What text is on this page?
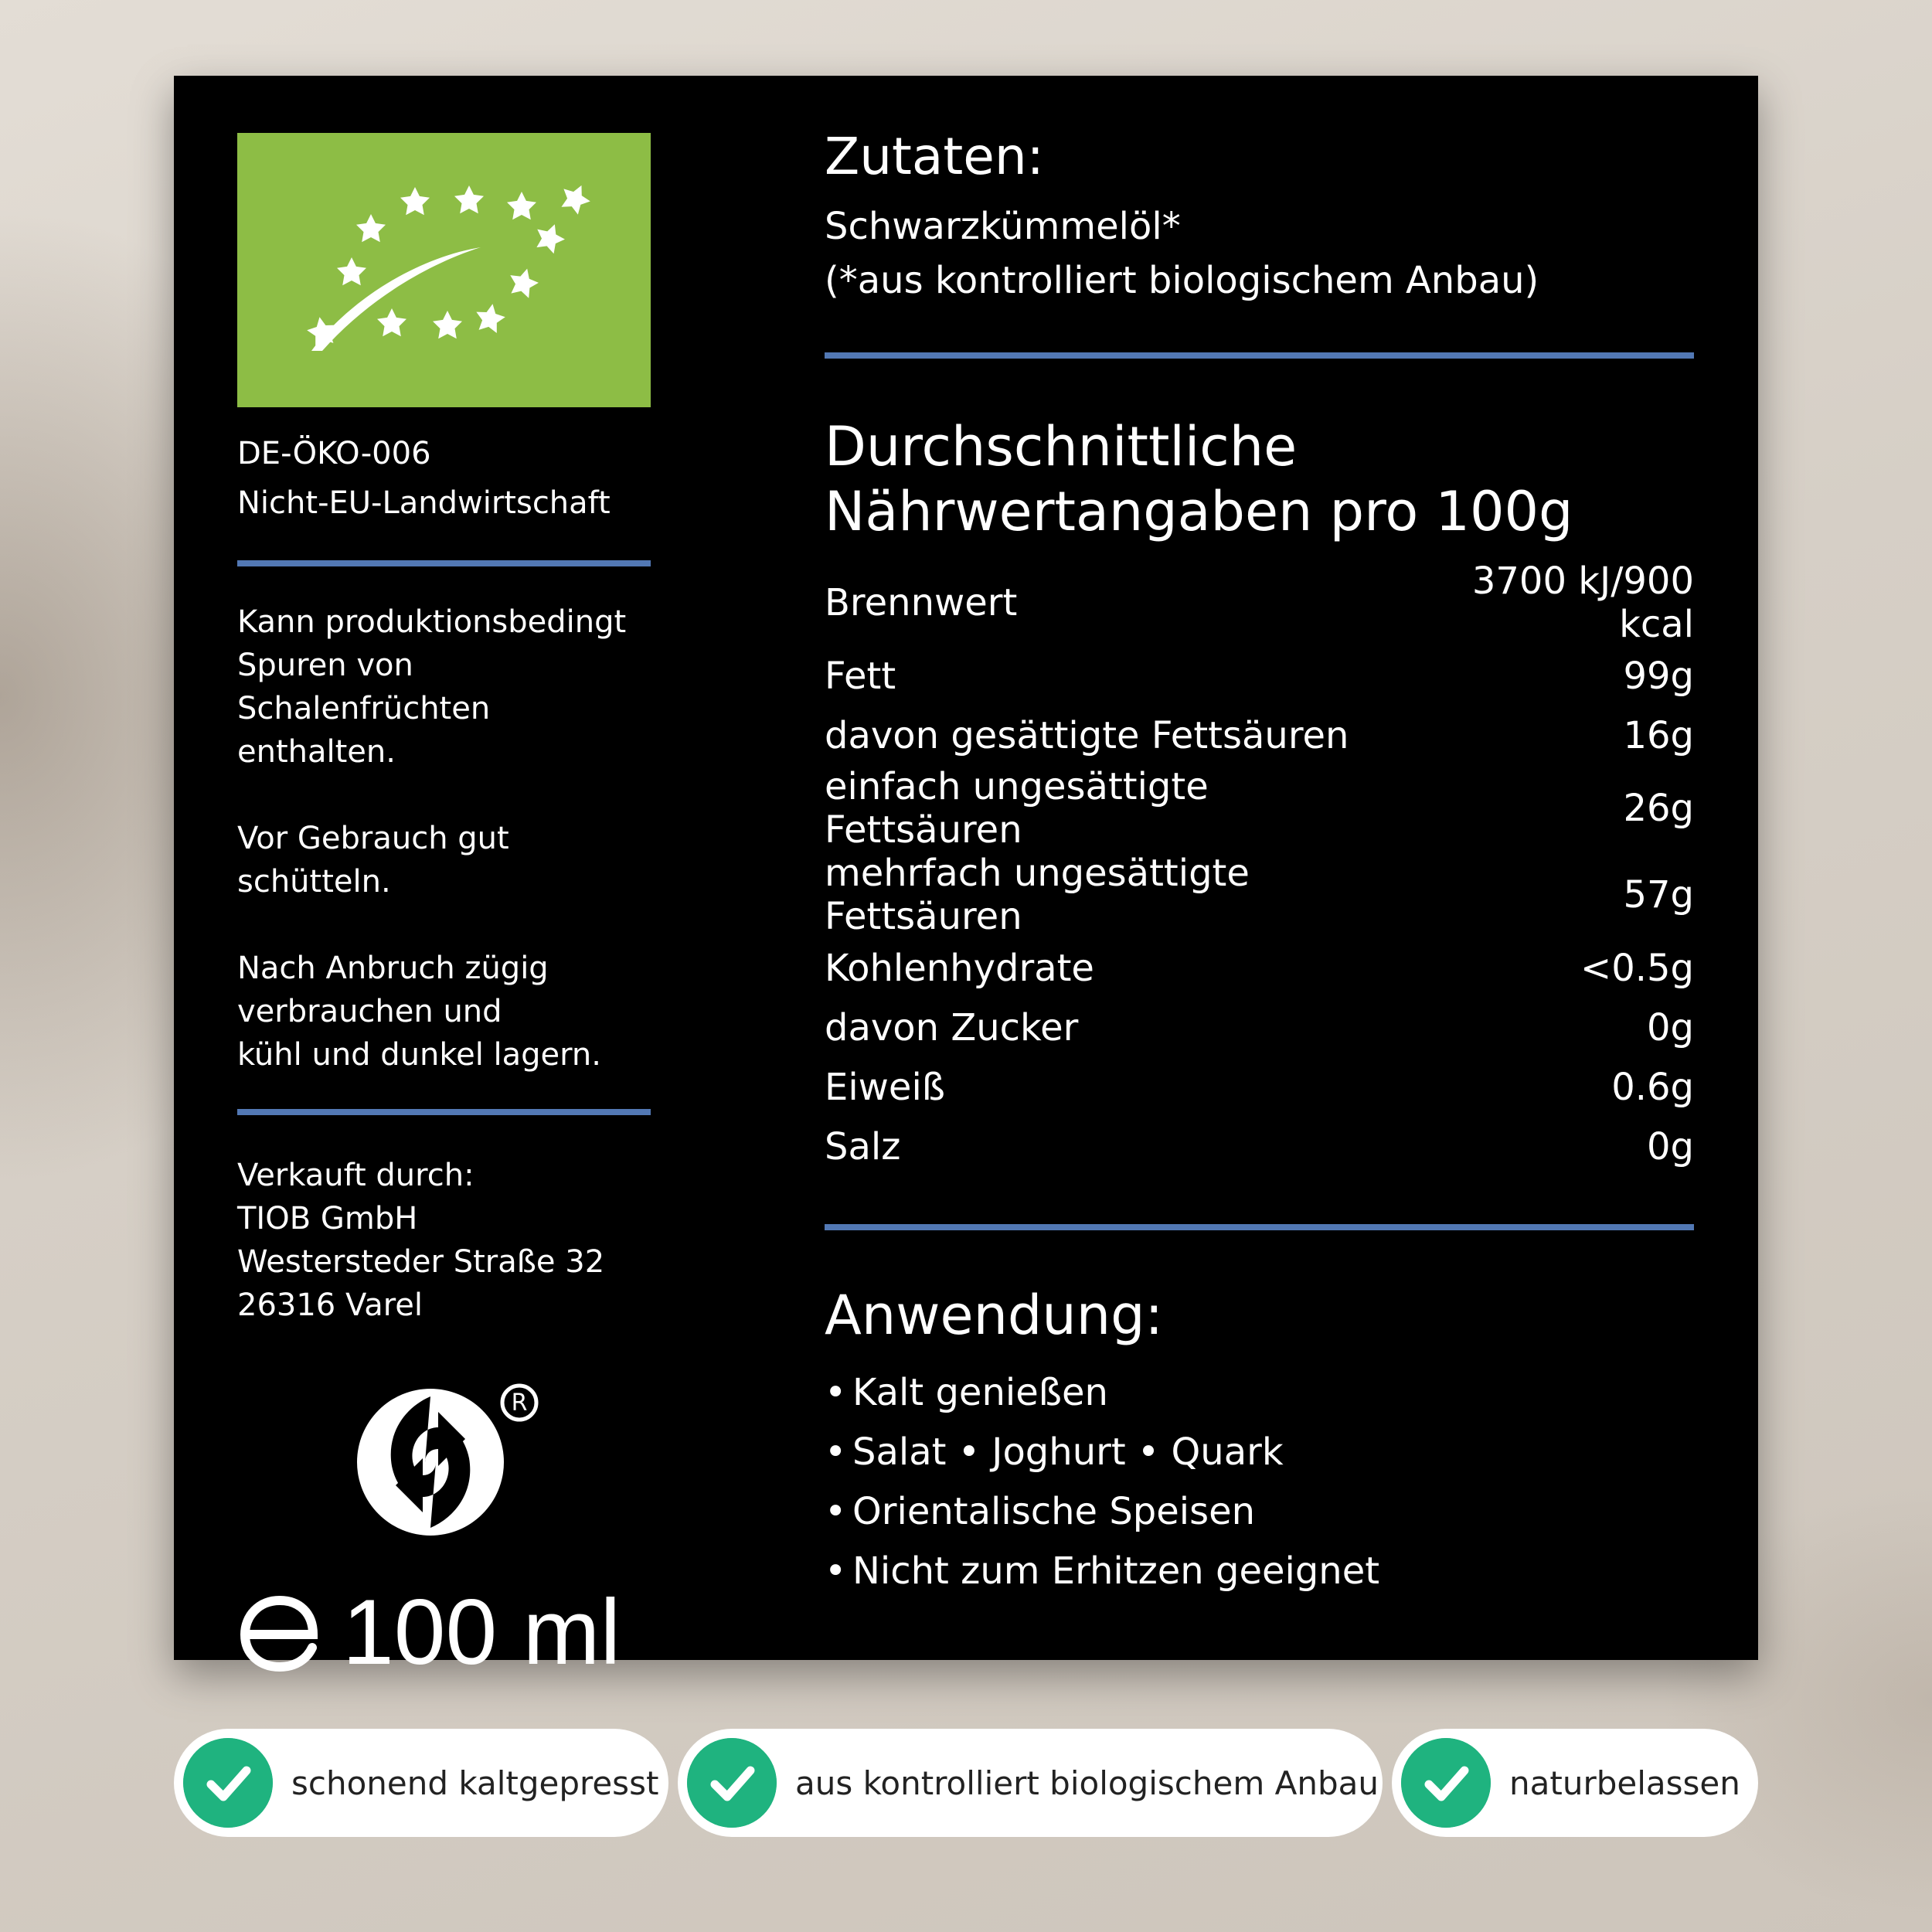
DE-ÖKO-006
Nicht-EU-Landwirtschaft

Kann produktionsbedingt
Spuren von Schalenfrüchten
enthalten.

Vor Gebrauch gut schütteln.

Nach Anbruch zügig
verbrauchen und
kühl und dunkel lagern.

Verkauft durch:
TIOB GmbH
Westersteder Straße 32
26316 Varel
R
100 ml
Zutaten:
Schwarzkümmelöl*
(*aus kontrolliert biologischem Anbau)
Durchschnittliche
Nährwertangaben pro 100g
Brennwert	3700 kJ/900 kcal
Fett	99g
davon gesättigte Fettsäuren	16g
einfach ungesättigte Fettsäuren	26g
mehrfach ungesättigte Fettsäuren	57g
Kohlenhydrate	<0.5g
davon Zucker	0g
Eiweiß	0.6g
Salz	0g
Anwendung:
• Kalt genießen
• Salat • Joghurt • Quark
• Orientalische Speisen
• Nicht zum Erhitzen geeignet
schonend kaltgepresst	aus kontrolliert biologischem Anbau	naturbelassen
